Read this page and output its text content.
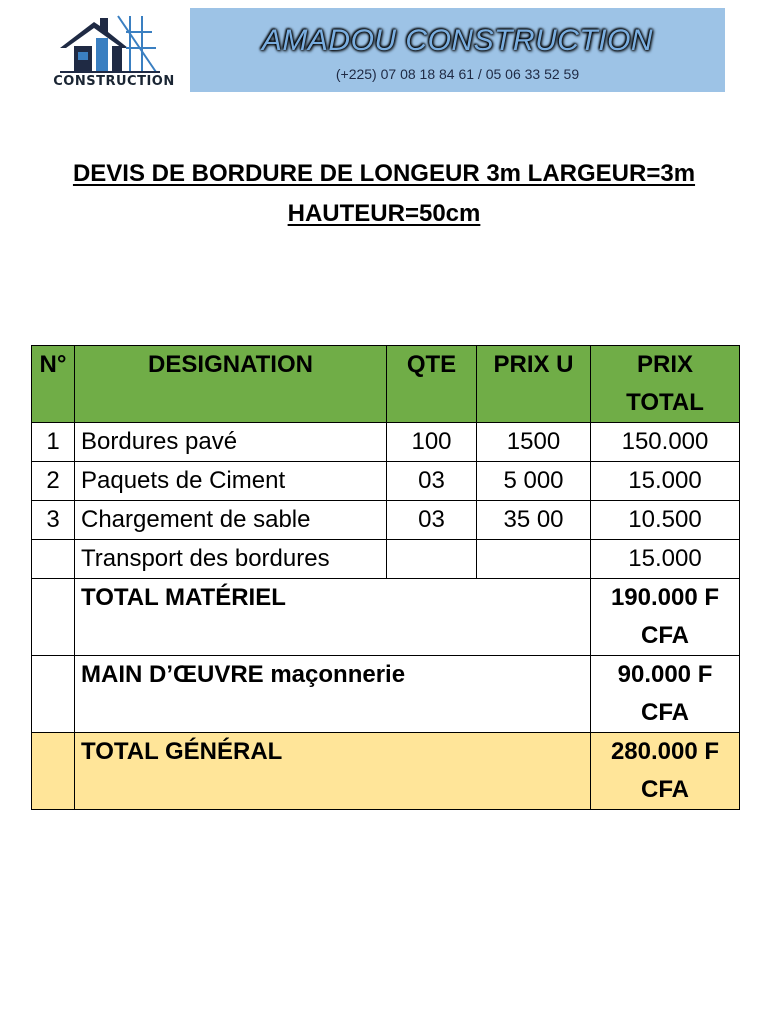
CONSTRUCTION
AMADOU CONSTRUCTION
(+225) 07 08 18 84 61 / 05 06 33 52 59
DEVIS DE BORDURE DE LONGEUR 3m LARGEUR=3m
HAUTEUR=50cm
N°	DESIGNATION	QTE	PRIX U	PRIX TOTAL
1	Bordures pavé	100	1500	150.000
2	Paquets de Ciment	03	5 000	15.000
3	Chargement de sable	03	35 00	10.500
	Transport des bordures			15.000
	TOTAL MATÉRIEL			190.000 F CFA
	MAIN D’ŒUVRE maçonnerie			90.000 F CFA
	TOTAL GÉNÉRAL			280.000 F CFA
